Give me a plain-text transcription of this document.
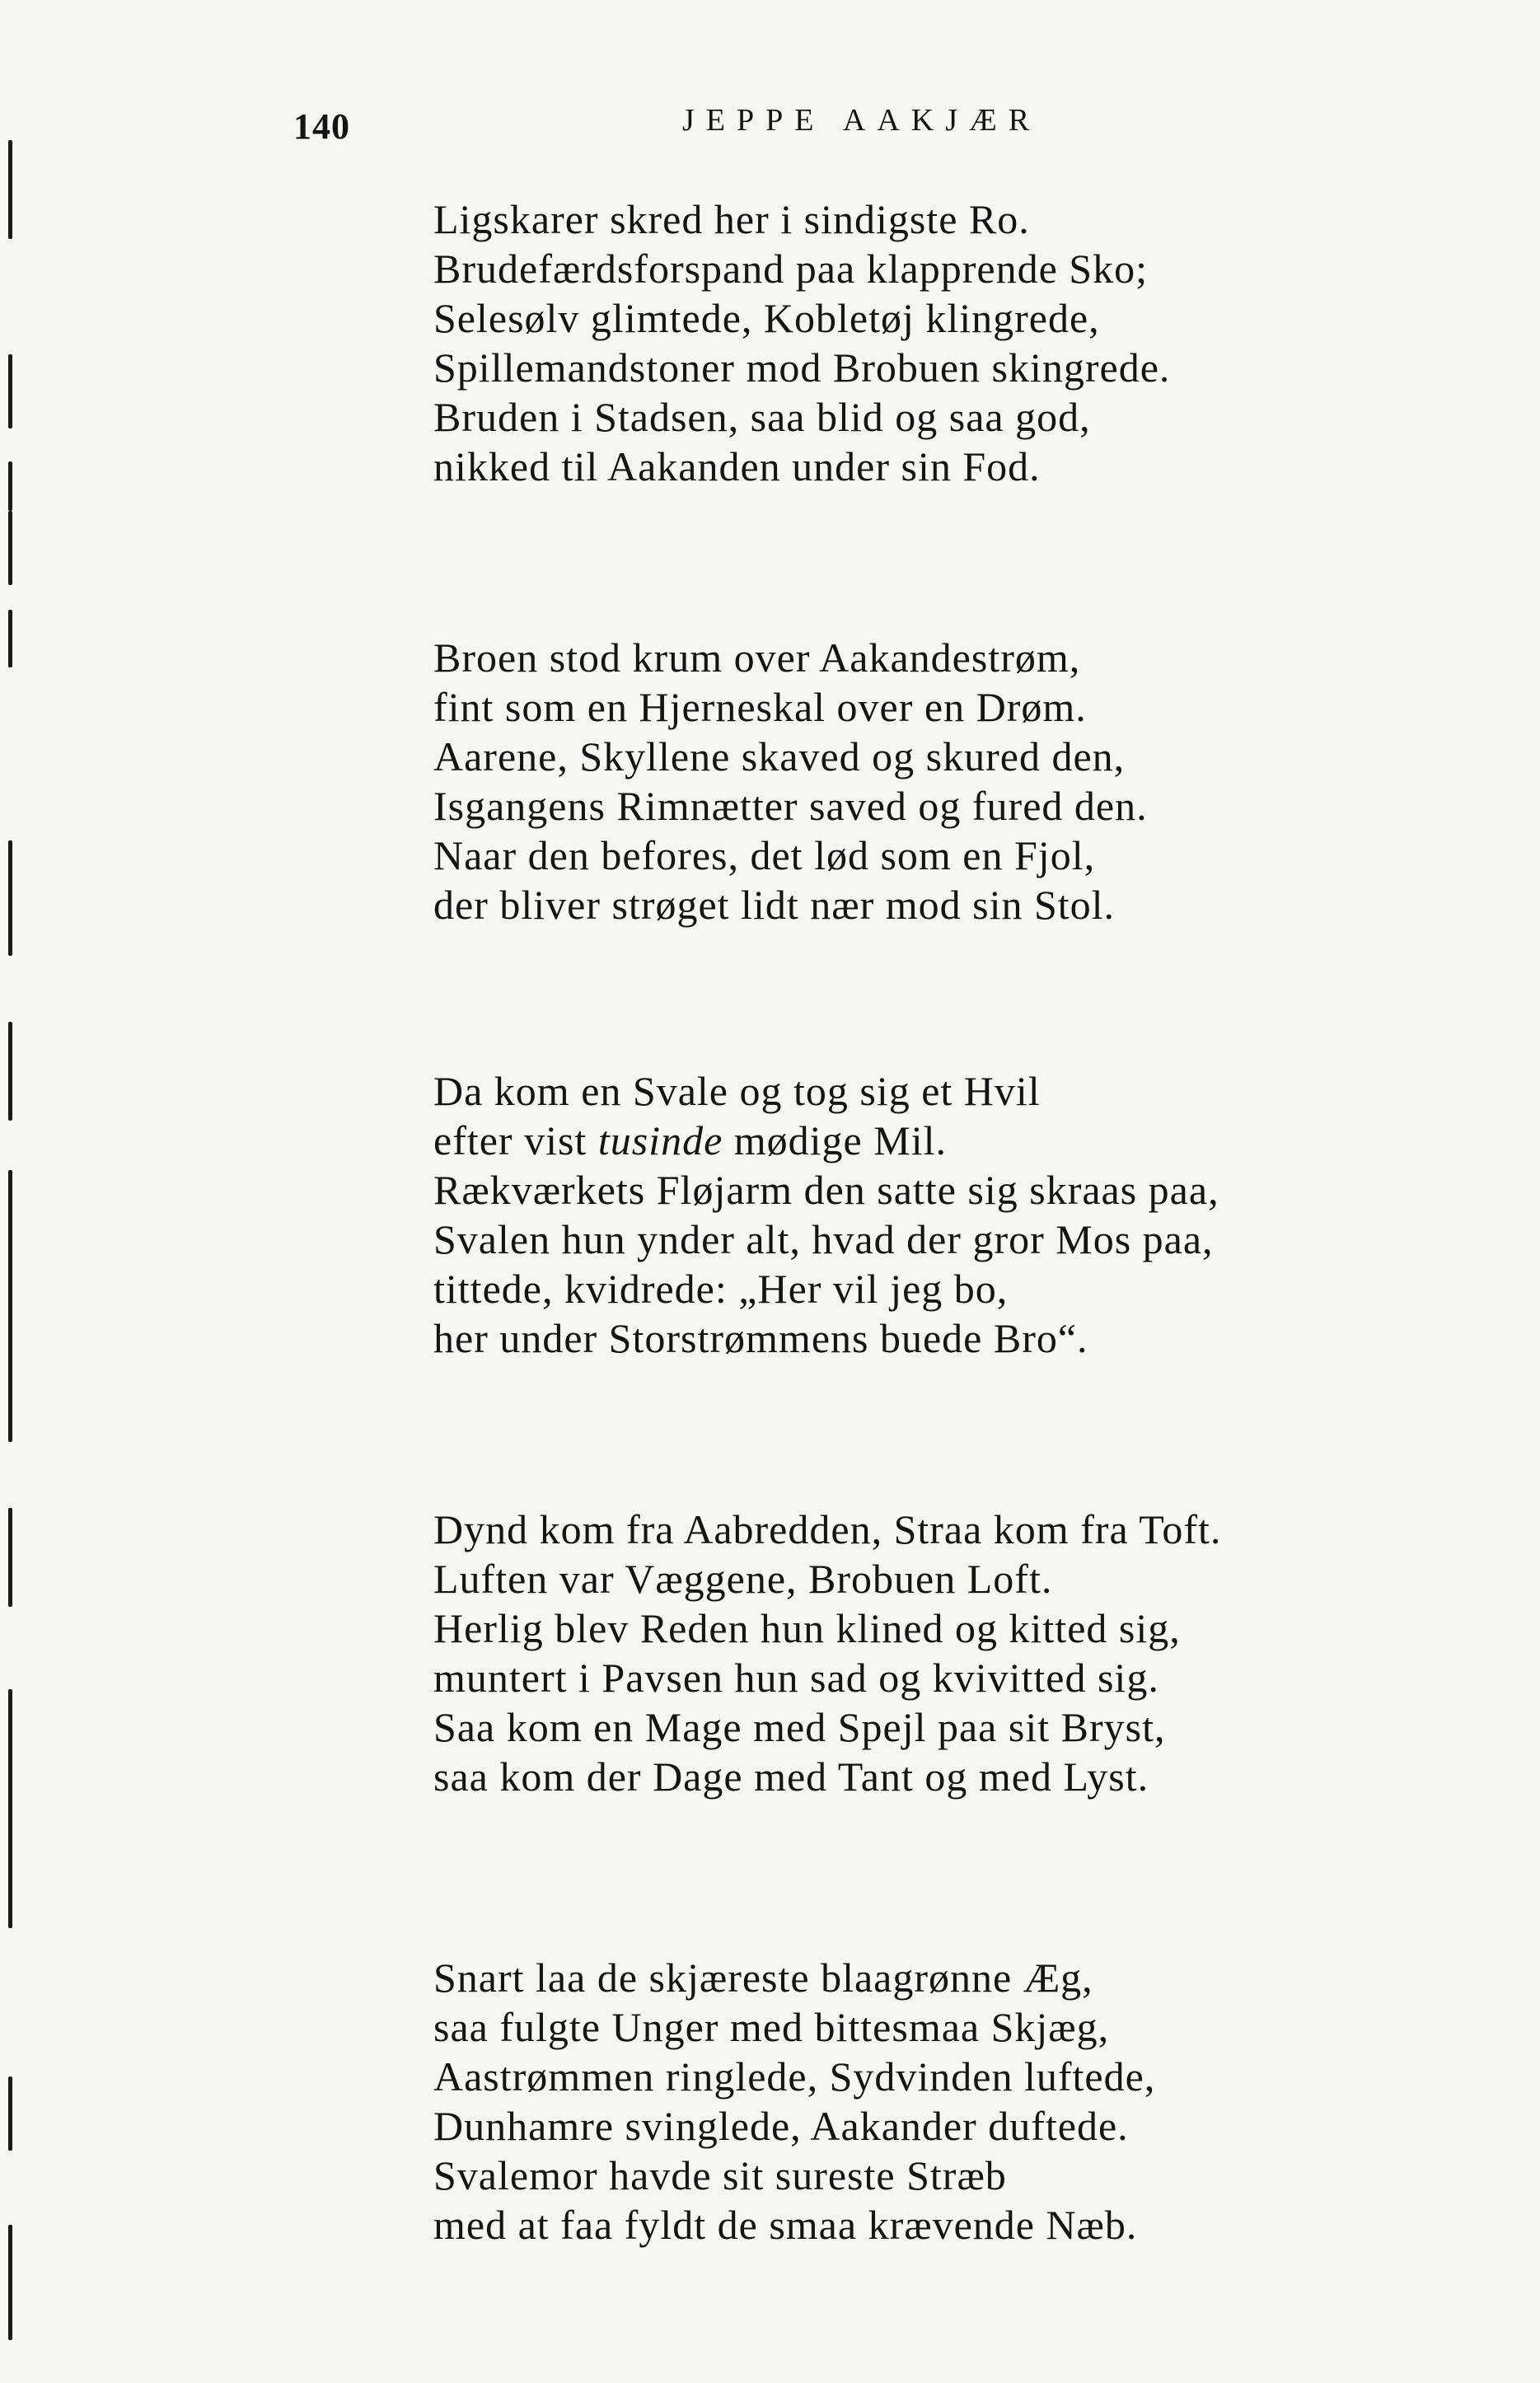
140	JEPPE AAKJÆR
Ligskarer skred her i sindigste Ro.
Brudefærdsforspand paa klapprende Sko;
Selesølv glimtede, Kobletøj klingrede,
Spillemandstoner mod Brobuen skingrede.
Bruden i Stadsen, saa blid og saa god,
nikked til Aakanden under sin Fod.
Broen stod krum over Aakandestrøm,
fint som en Hjerneskal over en Drøm.
Aarene, Skyllene skaved og skured den,
Isgangens Rimnætter saved og fured den.
Naar den befores, det lød som en Fjol,
der bliver strøget lidt nær mod sin Stol.
Da kom en Svale og tog sig et Hvil
efter vist tusinde mødige Mil.
Rækværkets Fløjarm den satte sig skraas paa,
Svalen hun ynder alt, hvad der gror Mos paa,
tittede, kvidrede: „Her vil jeg bo,
her under Storstrømmens buede Bro“.
Dynd kom fra Aabredden, Straa kom fra Toft.
Luften var Væggene, Brobuen Loft.
Herlig blev Reden hun klined og kitted sig,
muntert i Pavsen hun sad og kvivitted sig.
Saa kom en Mage med Spejl paa sit Bryst,
saa kom der Dage med Tant og med Lyst.
Snart laa de skjæreste blaagrønne Æg,
saa fulgte Unger med bittesmaa Skjæg,
Aastrømmen ringlede, Sydvinden luftede,
Dunhamre svinglede, Aakander duftede.
Svalemor havde sit sureste Stræb
med at faa fyldt de smaa krævende Næb.
